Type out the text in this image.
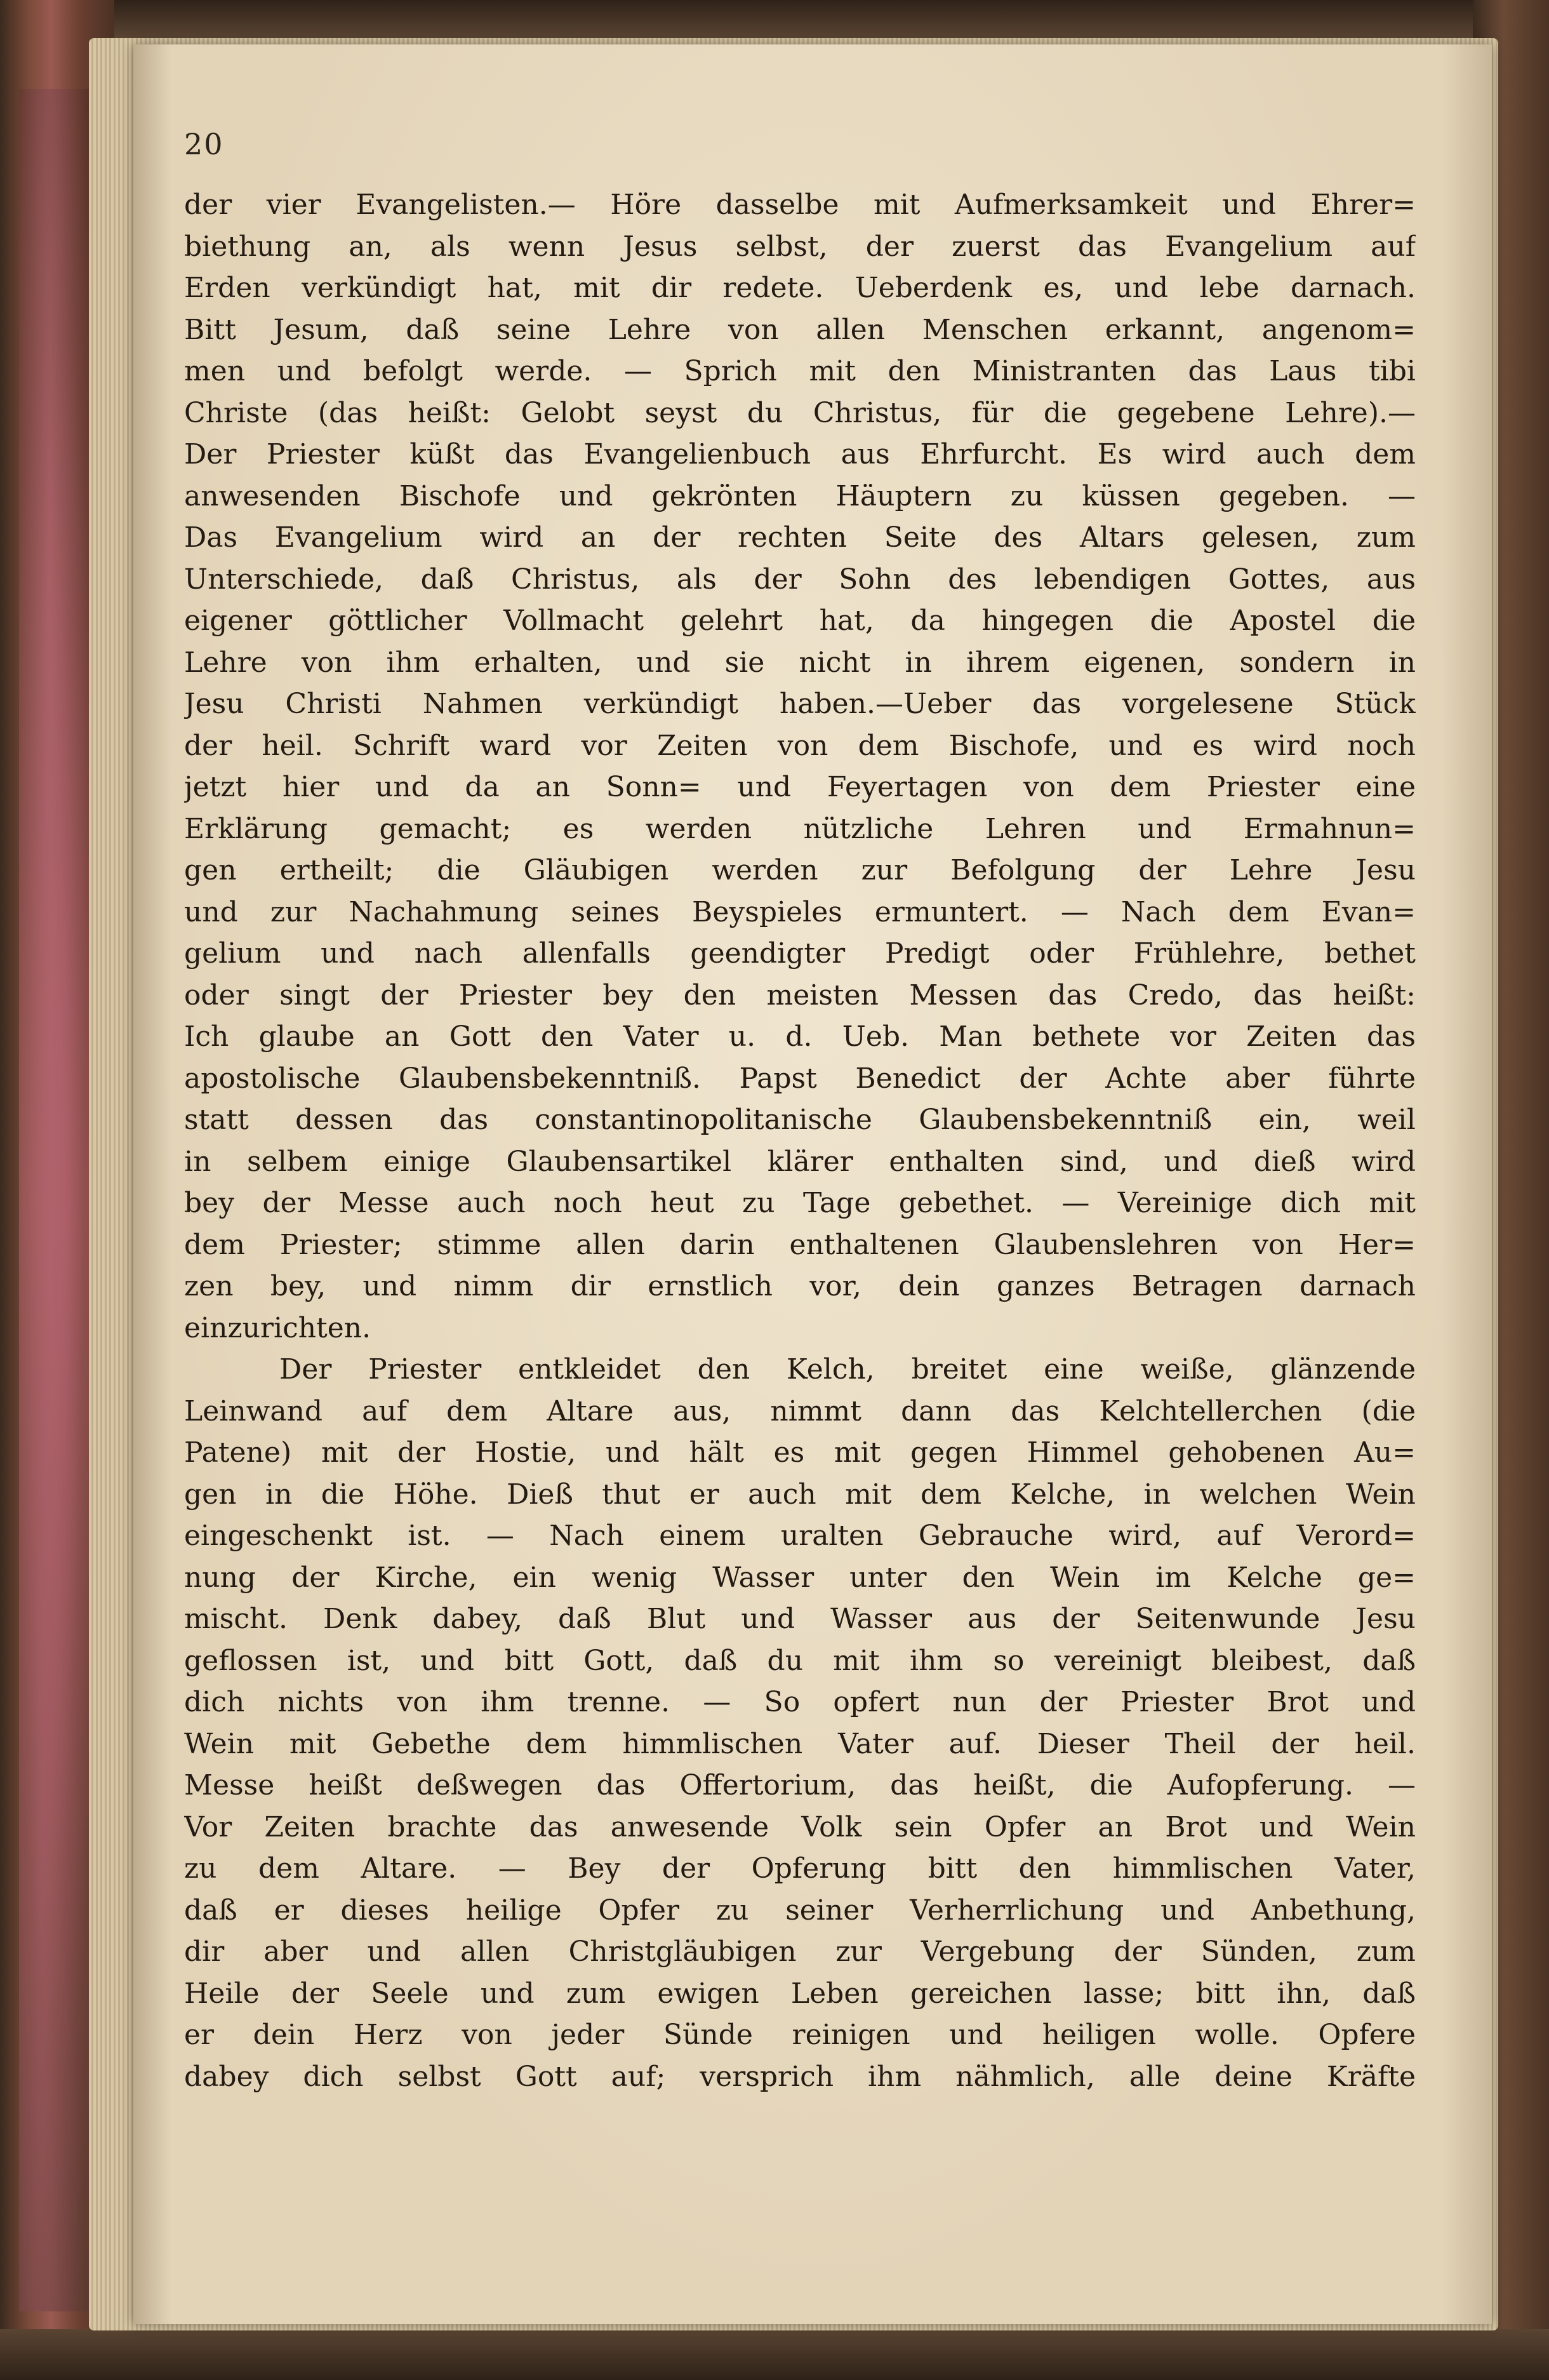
20
der vier Evangelisten.— Höre dasselbe mit Aufmerksamkeit und Ehrer=
biethung an, als wenn Jesus selbst, der zuerst das Evangelium auf
Erden verkündigt hat, mit dir redete. Ueberdenk es, und lebe darnach.
Bitt Jesum, daß seine Lehre von allen Menschen erkannt, angenom=
men und befolgt werde. — Sprich mit den Ministranten das Laus tibi
Christe (das heißt: Gelobt seyst du Christus, für die gegebene Lehre).—
Der Priester küßt das Evangelienbuch aus Ehrfurcht. Es wird auch dem
anwesenden Bischofe und gekrönten Häuptern zu küssen gegeben. —
Das Evangelium wird an der rechten Seite des Altars gelesen, zum
Unterschiede, daß Christus, als der Sohn des lebendigen Gottes, aus
eigener göttlicher Vollmacht gelehrt hat, da hingegen die Apostel die
Lehre von ihm erhalten, und sie nicht in ihrem eigenen, sondern in
Jesu Christi Nahmen verkündigt haben.—Ueber das vorgelesene Stück
der heil. Schrift ward vor Zeiten von dem Bischofe, und es wird noch
jetzt hier und da an Sonn= und Feyertagen von dem Priester eine
Erklärung gemacht; es werden nützliche Lehren und Ermahnun=
gen ertheilt; die Gläubigen werden zur Befolgung der Lehre Jesu
und zur Nachahmung seines Beyspieles ermuntert. — Nach dem Evan=
gelium und nach allenfalls geendigter Predigt oder Frühlehre, bethet
oder singt der Priester bey den meisten Messen das Credo, das heißt:
Ich glaube an Gott den Vater u. d. Ueb. Man bethete vor Zeiten das
apostolische Glaubensbekenntniß. Papst Benedict der Achte aber führte
statt dessen das constantinopolitanische Glaubensbekenntniß ein, weil
in selbem einige Glaubensartikel klärer enthalten sind, und dieß wird
bey der Messe auch noch heut zu Tage gebethet. — Vereinige dich mit
dem Priester; stimme allen darin enthaltenen Glaubenslehren von Her=
zen bey, und nimm dir ernstlich vor, dein ganzes Betragen darnach
einzurichten.
Der Priester entkleidet den Kelch, breitet eine weiße, glänzende
Leinwand auf dem Altare aus, nimmt dann das Kelchtellerchen (die
Patene) mit der Hostie, und hält es mit gegen Himmel gehobenen Au=
gen in die Höhe. Dieß thut er auch mit dem Kelche, in welchen Wein
eingeschenkt ist. — Nach einem uralten Gebrauche wird, auf Verord=
nung der Kirche, ein wenig Wasser unter den Wein im Kelche ge=
mischt. Denk dabey, daß Blut und Wasser aus der Seitenwunde Jesu
geflossen ist, und bitt Gott, daß du mit ihm so vereinigt bleibest, daß
dich nichts von ihm trenne. — So opfert nun der Priester Brot und
Wein mit Gebethe dem himmlischen Vater auf. Dieser Theil der heil.
Messe heißt deßwegen das Offertorium, das heißt, die Aufopferung. —
Vor Zeiten brachte das anwesende Volk sein Opfer an Brot und Wein
zu dem Altare. — Bey der Opferung bitt den himmlischen Vater,
daß er dieses heilige Opfer zu seiner Verherrlichung und Anbethung,
dir aber und allen Christgläubigen zur Vergebung der Sünden, zum
Heile der Seele und zum ewigen Leben gereichen lasse; bitt ihn, daß
er dein Herz von jeder Sünde reinigen und heiligen wolle. Opfere
dabey dich selbst Gott auf; versprich ihm nähmlich, alle deine Kräfte
